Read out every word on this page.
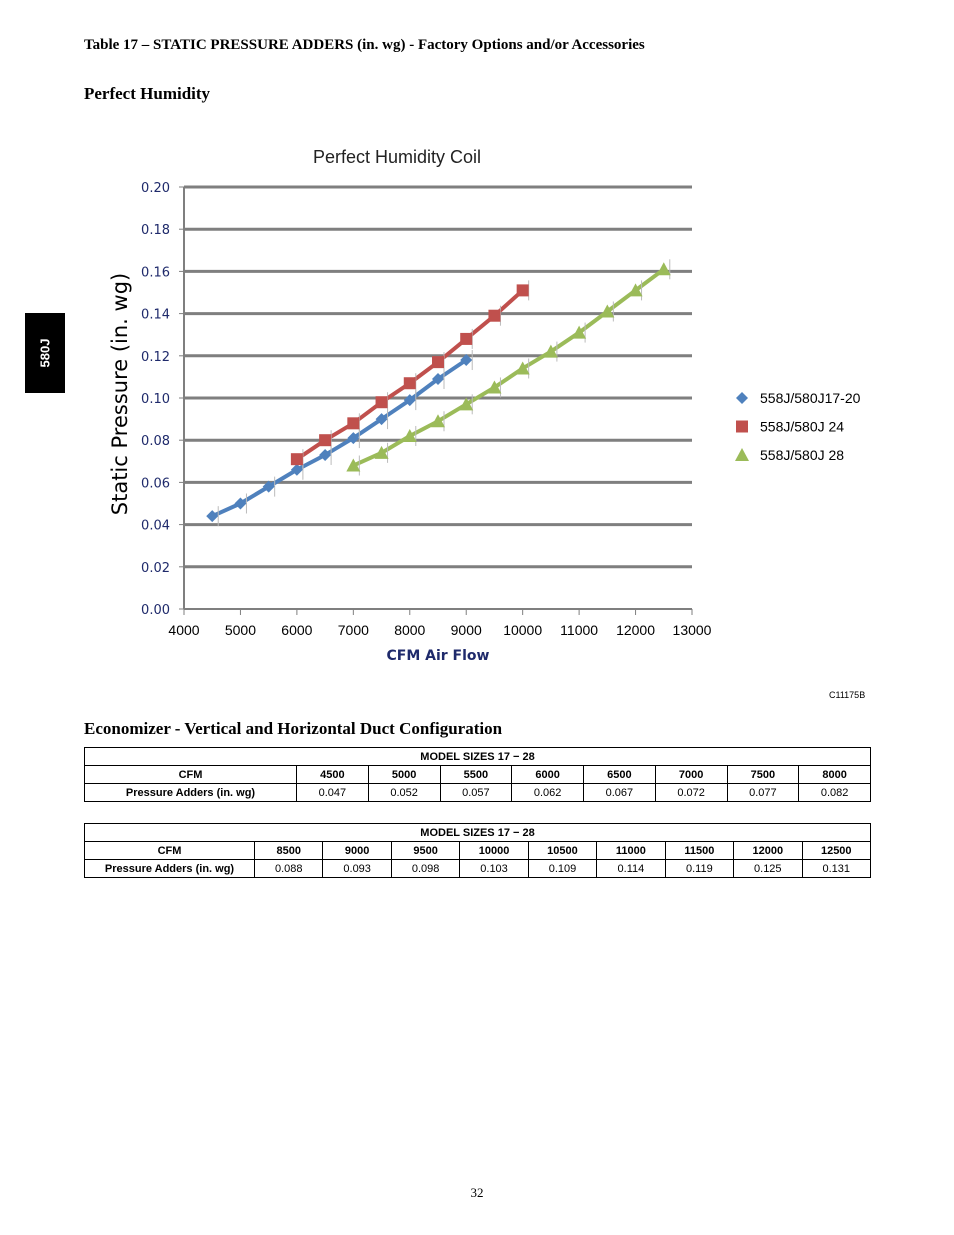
Table 17 – STATIC PRESSURE ADDERS (in. wg) - Factory Options and/or Accessories
Perfect Humidity
580J
Perfect Humidity Coil
0.00
0.02
0.04
0.06
0.08
0.10
0.12
0.14
0.16
0.18
0.20
4000 5000 6000 7000 8000 9000 10000 11000 12000 13000
CFM Air Flow
Static Pressure (in. wg)	558J/580J17-20
558J/580J 24
558J/580J 28
C11175B
Economizer - Vertical and Horizontal Duct Configuration
MODEL SIZES 17 − 28								
CFM	4500	5000	5500	6000	6500	7000	7500	8000
Pressure Adders (in. wg)	0.047	0.052	0.057	0.062	0.067	0.072	0.077	0.082
MODEL SIZES 17 − 28									
CFM	8500	9000	9500	10000	10500	11000	11500	12000	12500
Pressure Adders (in. wg)	0.088	0.093	0.098	0.103	0.109	0.114	0.119	0.125	0.131
32
